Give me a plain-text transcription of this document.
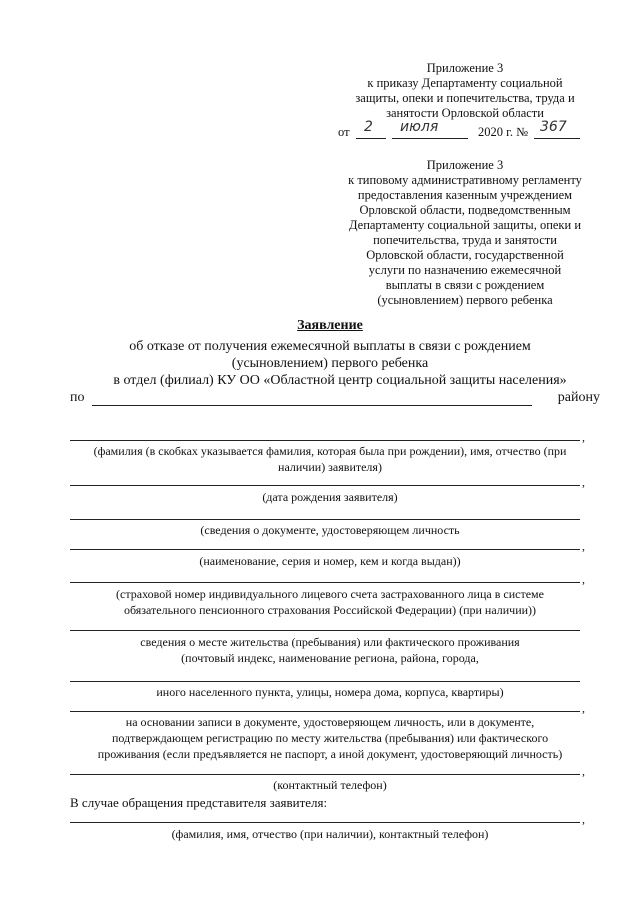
Приложение 3
к приказу Департаменту социальной
защиты, опеки и попечительства, труда и
занятости Орловской области
от 2 июля	2020 г. № 367
Приложение 3
к типовому административному регламенту
предоставления казенным учреждением
Орловской области, подведомственным
Департаменту социальной защиты, опеки и
попечительства, труда и занятости
Орловской области, государственной
услуги по назначению ежемесячной
выплаты в связи с рождением
(усыновлением) первого ребенка
Заявление
об отказе от получения ежемесячной выплаты в связи с рождением
(усыновлением) первого ребенка
в отдел (филиал) КУ ОО «Областной центр социальной защиты населения»
по	району
,
(фамилия (в скобках указывается фамилия, которая была при рождении), имя, отчество (при
наличии) заявителя)
,
(дата рождения заявителя)
(сведения о документе, удостоверяющем личность
,
(наименование, серия и номер, кем и когда выдан))
,
(страховой номер индивидуального лицевого счета застрахованного лица в системе
обязательного пенсионного страхования Российской Федерации) (при наличии))
сведения о месте жительства (пребывания) или фактического проживания
(почтовый индекс, наименование региона, района, города,
иного населенного пункта, улицы, номера дома, корпуса, квартиры)
,
на основании записи в документе, удостоверяющем личность, или в документе,
подтверждающем регистрацию по месту жительства (пребывания) или фактического
проживания (если предъявляется не паспорт, а иной документ, удостоверяющий личность)
,
(контактный телефон)
В случае обращения представителя заявителя:
,
(фамилия, имя, отчество (при наличии), контактный телефон)
